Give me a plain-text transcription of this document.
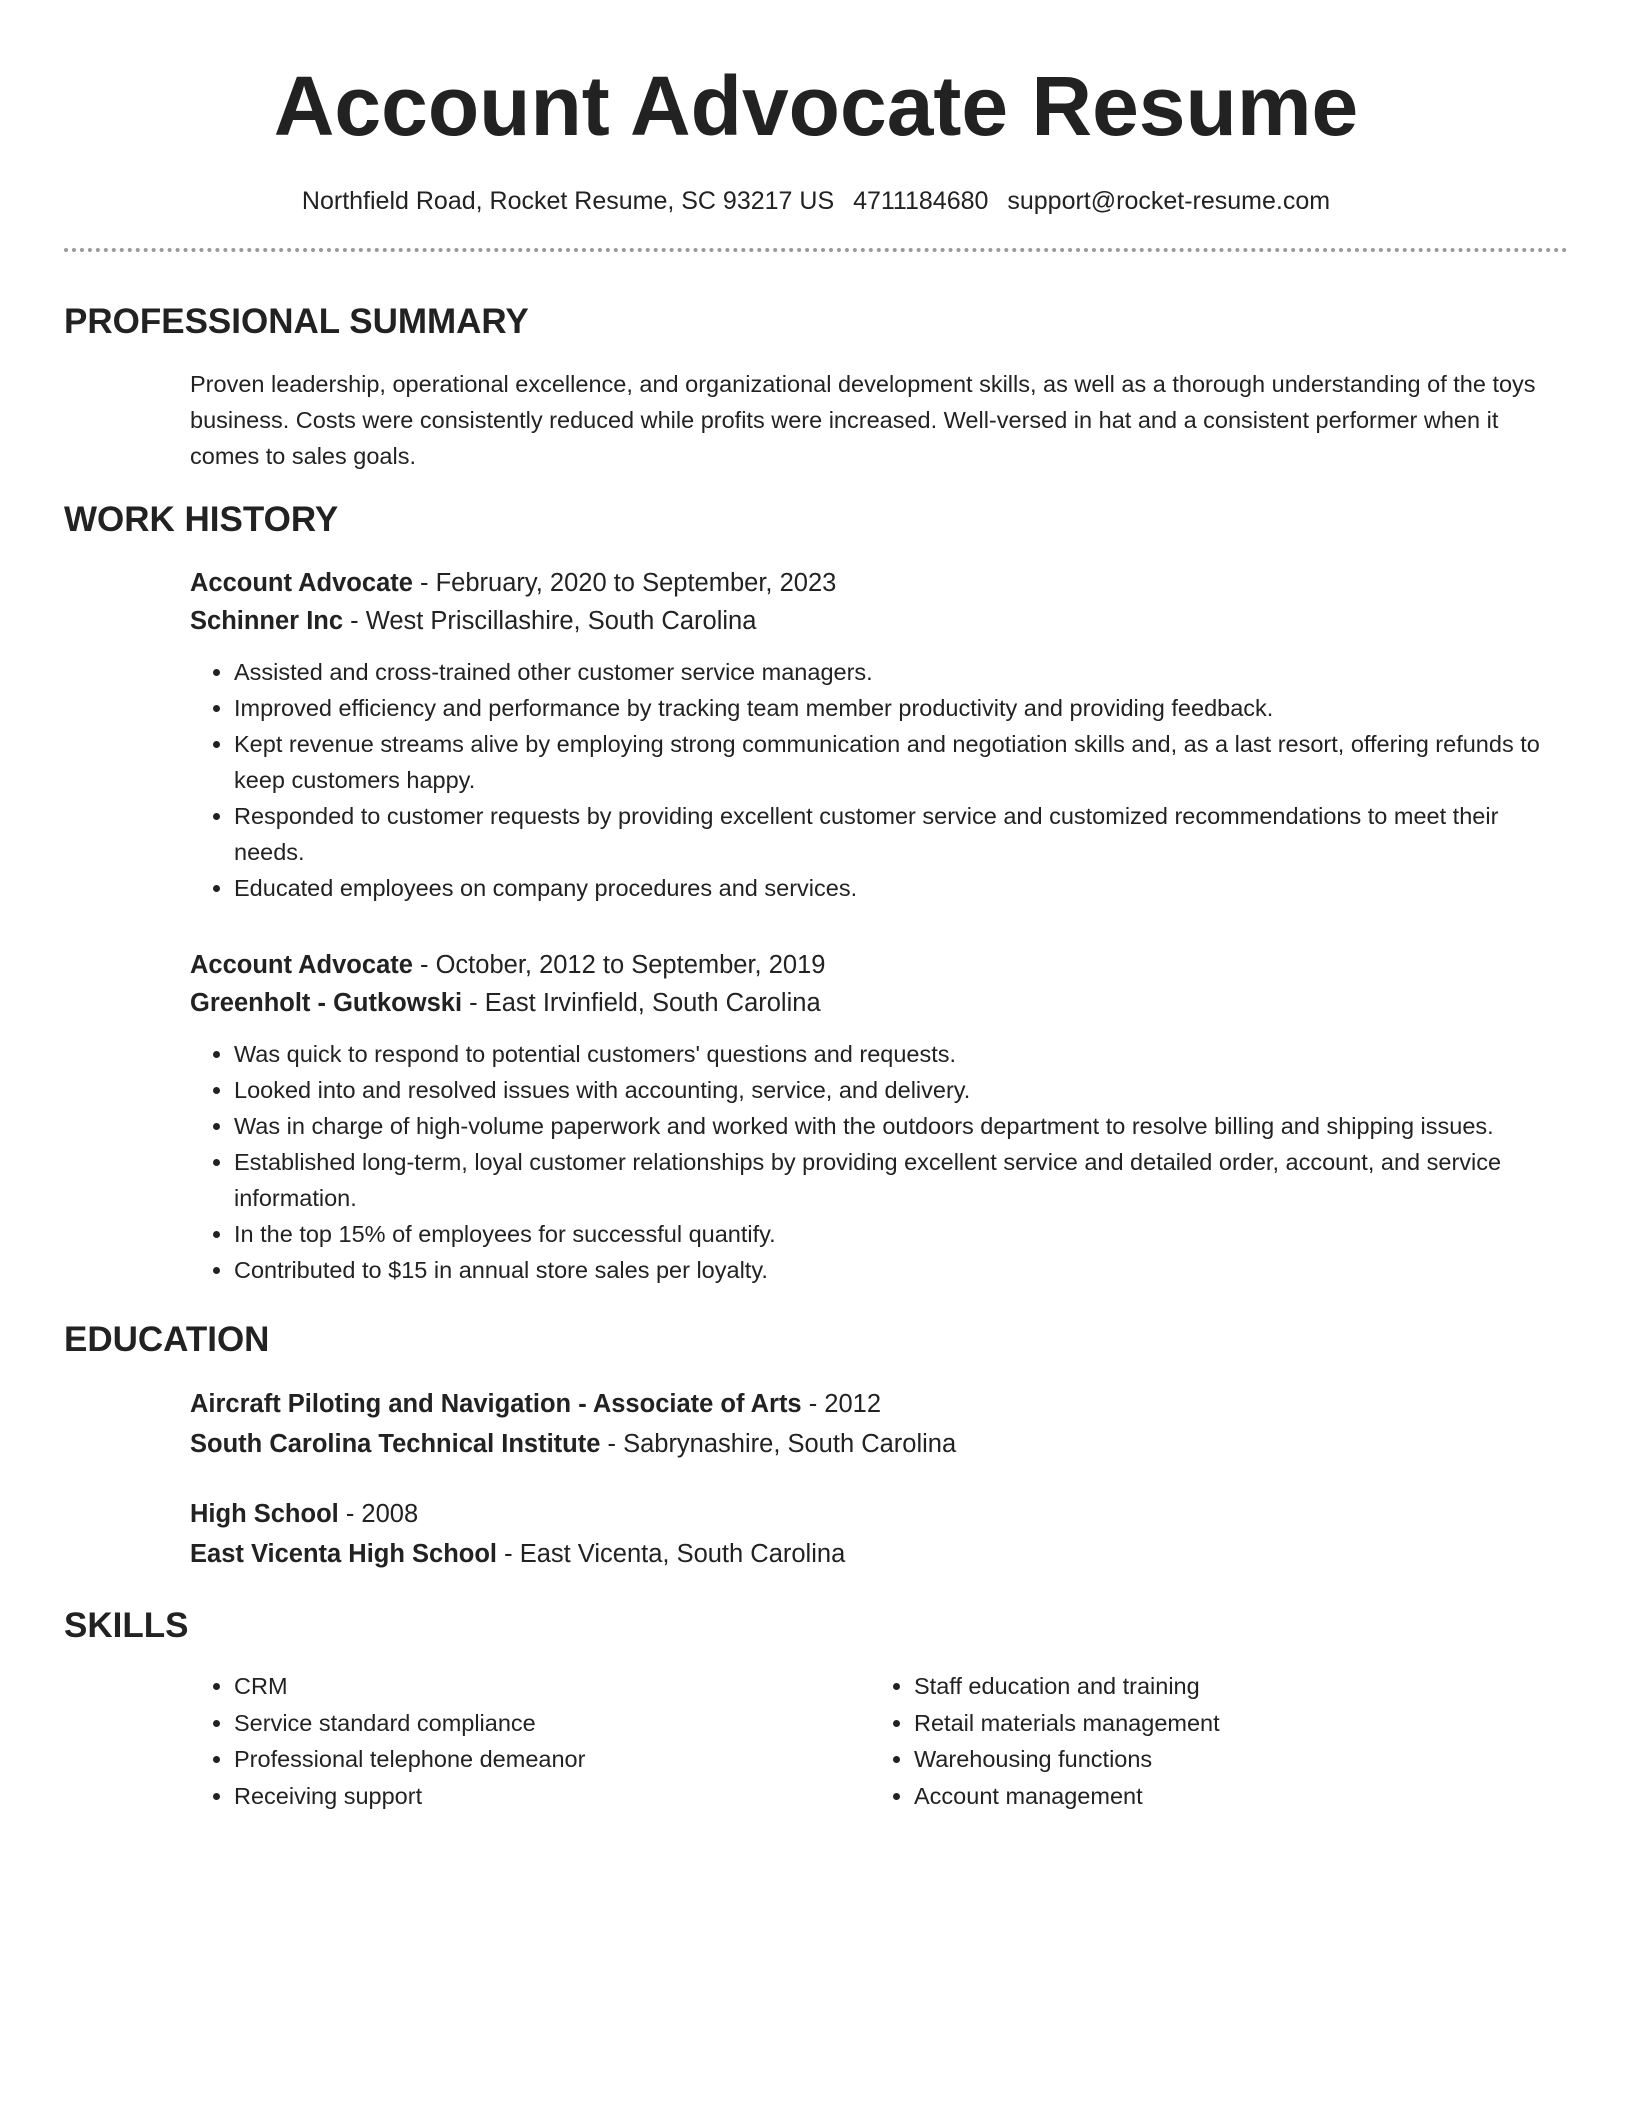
Account Advocate Resume
Northfield Road, Rocket Resume, SC 93217 US 4711184680 support@rocket-resume.com
PROFESSIONAL SUMMARY
Proven leadership, operational excellence, and organizational development skills, as well as a thorough understanding of the toys business. Costs were consistently reduced while profits were increased. Well-versed in hat and a consistent performer when it comes to sales goals.
WORK HISTORY
Account Advocate - February, 2020 to September, 2023
Schinner Inc - West Priscillashire, South Carolina
• Assisted and cross-trained other customer service managers.
• Improved efficiency and performance by tracking team member productivity and providing feedback.
• Kept revenue streams alive by employing strong communication and negotiation skills and, as a last resort, offering refunds to keep customers happy.
• Responded to customer requests by providing excellent customer service and customized recommendations to meet their needs.
• Educated employees on company procedures and services.
Account Advocate - October, 2012 to September, 2019
Greenholt - Gutkowski - East Irvinfield, South Carolina
• Was quick to respond to potential customers' questions and requests.
• Looked into and resolved issues with accounting, service, and delivery.
• Was in charge of high-volume paperwork and worked with the outdoors department to resolve billing and shipping issues.
• Established long-term, loyal customer relationships by providing excellent service and detailed order, account, and service information.
• In the top 15% of employees for successful quantify.
• Contributed to $15 in annual store sales per loyalty.
EDUCATION
Aircraft Piloting and Navigation - Associate of Arts - 2012
South Carolina Technical Institute - Sabrynashire, South Carolina
High School - 2008
East Vicenta High School - East Vicenta, South Carolina
SKILLS
• CRM
• Service standard compliance
• Professional telephone demeanor
• Receiving support
• Staff education and training
• Retail materials management
• Warehousing functions
• Account management
